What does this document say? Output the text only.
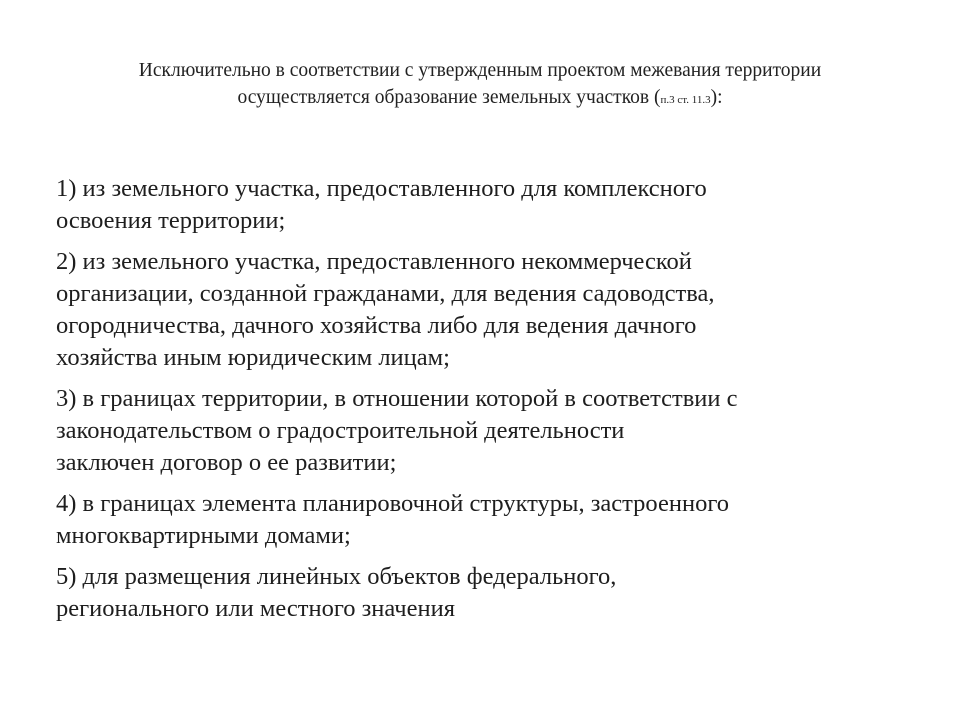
Исключительно в соответствии с утвержденным проектом межевания территории
осуществляется образование земельных участков (п.3 ст. 11.3):
1) из земельного участка, предоставленного для комплексного
освоения территории;
2) из земельного участка, предоставленного некоммерческой
организации, созданной гражданами, для ведения садоводства,
огородничества, дачного хозяйства либо для ведения дачного
хозяйства иным юридическим лицам;
3) в границах территории, в отношении которой в соответствии с
законодательством о градостроительной деятельности
заключен договор о ее развитии;
4) в границах элемента планировочной структуры, застроенного
многоквартирными домами;
5) для размещения линейных объектов федерального,
регионального или местного значения
